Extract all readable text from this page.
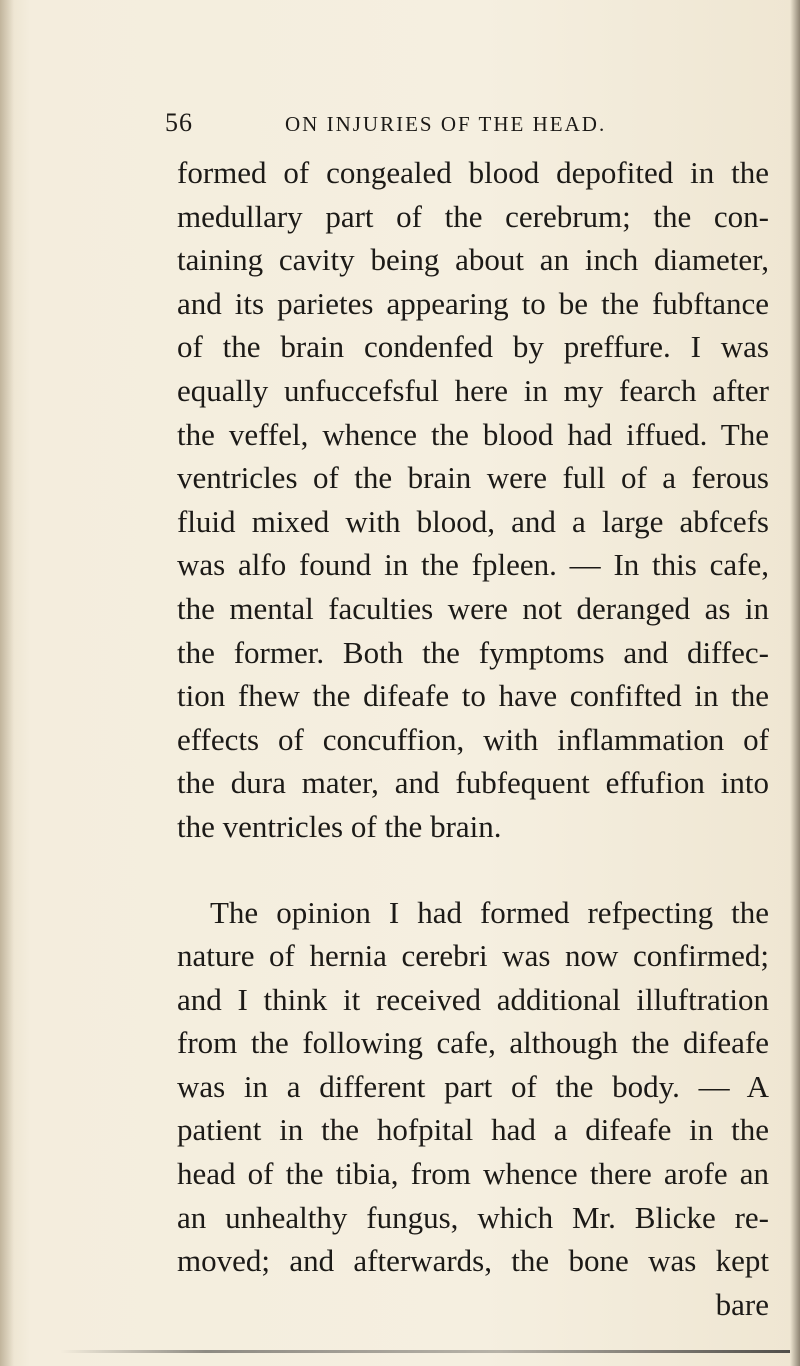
56	ON INJURIES OF THE HEAD.
formed of congealed blood depofited in the
medullary part of the cerebrum; the con-
taining cavity being about an inch diameter,
and its parietes appearing to be the fubftance
of the brain condenfed by preffure. I was
equally unfuccefsful here in my fearch after
the veffel, whence the blood had iffued. The
ventricles of the brain were full of a ferous
fluid mixed with blood, and a large abfcefs
was alfo found in the fpleen. — In this cafe,
the mental faculties were not deranged as in
the former. Both the fymptoms and diffec-
tion fhew the difeafe to have confifted in the
effects of concuffion, with inflammation of
the dura mater, and fubfequent effufion into
the ventricles of the brain.
The opinion I had formed refpecting the
nature of hernia cerebri was now confirmed;
and I think it received additional illuftration
from the following cafe, although the difeafe
was in a different part of the body. — A
patient in the hofpital had a difeafe in the
head of the tibia, from whence there arofe an
an unhealthy fungus, which Mr. Blicke re-
moved; and afterwards, the bone was kept
bare
